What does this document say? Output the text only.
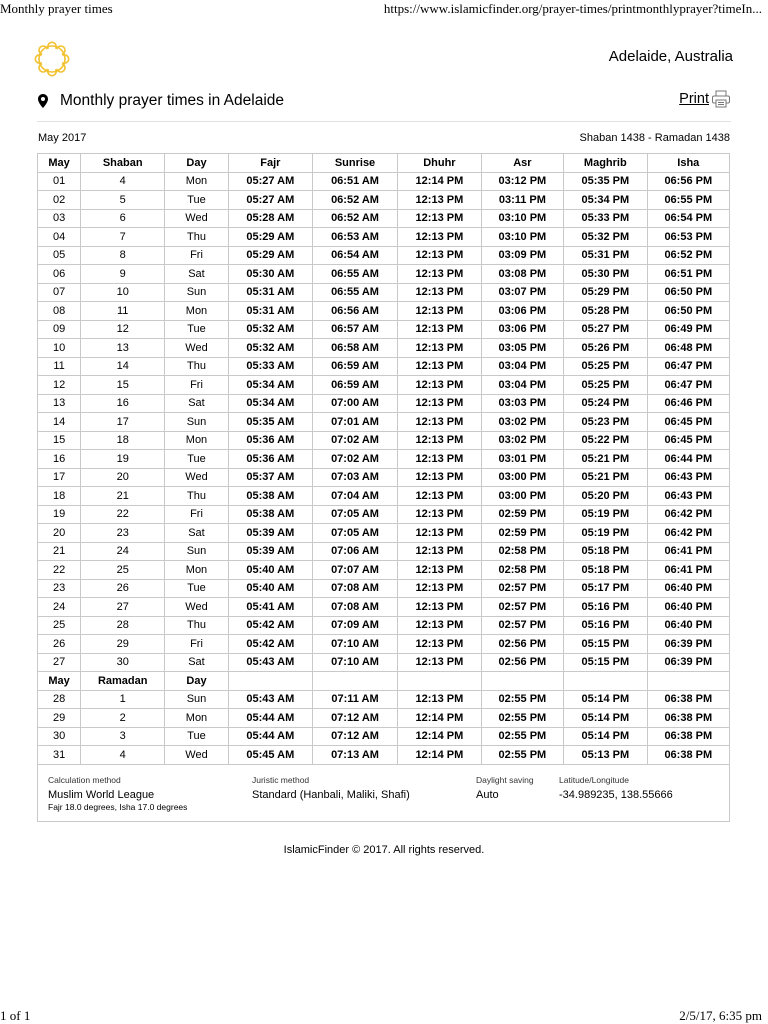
Monthly prayer times	https://www.islamicfinder.org/prayer-times/printmonthlyprayer?timeIn...
Adelaide, Australia
Monthly prayer times in Adelaide	Print
May 2017	Shaban 1438 - Ramadan 1438
May	Shaban	Day	Fajr	Sunrise	Dhuhr	Asr	Maghrib	Isha
01	4	Mon	05:27 AM	06:51 AM	12:14 PM	03:12 PM	05:35 PM	06:56 PM
02	5	Tue	05:27 AM	06:52 AM	12:13 PM	03:11 PM	05:34 PM	06:55 PM
03	6	Wed	05:28 AM	06:52 AM	12:13 PM	03:10 PM	05:33 PM	06:54 PM
04	7	Thu	05:29 AM	06:53 AM	12:13 PM	03:10 PM	05:32 PM	06:53 PM
05	8	Fri	05:29 AM	06:54 AM	12:13 PM	03:09 PM	05:31 PM	06:52 PM
06	9	Sat	05:30 AM	06:55 AM	12:13 PM	03:08 PM	05:30 PM	06:51 PM
07	10	Sun	05:31 AM	06:55 AM	12:13 PM	03:07 PM	05:29 PM	06:50 PM
08	11	Mon	05:31 AM	06:56 AM	12:13 PM	03:06 PM	05:28 PM	06:50 PM
09	12	Tue	05:32 AM	06:57 AM	12:13 PM	03:06 PM	05:27 PM	06:49 PM
10	13	Wed	05:32 AM	06:58 AM	12:13 PM	03:05 PM	05:26 PM	06:48 PM
11	14	Thu	05:33 AM	06:59 AM	12:13 PM	03:04 PM	05:25 PM	06:47 PM
12	15	Fri	05:34 AM	06:59 AM	12:13 PM	03:04 PM	05:25 PM	06:47 PM
13	16	Sat	05:34 AM	07:00 AM	12:13 PM	03:03 PM	05:24 PM	06:46 PM
14	17	Sun	05:35 AM	07:01 AM	12:13 PM	03:02 PM	05:23 PM	06:45 PM
15	18	Mon	05:36 AM	07:02 AM	12:13 PM	03:02 PM	05:22 PM	06:45 PM
16	19	Tue	05:36 AM	07:02 AM	12:13 PM	03:01 PM	05:21 PM	06:44 PM
17	20	Wed	05:37 AM	07:03 AM	12:13 PM	03:00 PM	05:21 PM	06:43 PM
18	21	Thu	05:38 AM	07:04 AM	12:13 PM	03:00 PM	05:20 PM	06:43 PM
19	22	Fri	05:38 AM	07:05 AM	12:13 PM	02:59 PM	05:19 PM	06:42 PM
20	23	Sat	05:39 AM	07:05 AM	12:13 PM	02:59 PM	05:19 PM	06:42 PM
21	24	Sun	05:39 AM	07:06 AM	12:13 PM	02:58 PM	05:18 PM	06:41 PM
22	25	Mon	05:40 AM	07:07 AM	12:13 PM	02:58 PM	05:18 PM	06:41 PM
23	26	Tue	05:40 AM	07:08 AM	12:13 PM	02:57 PM	05:17 PM	06:40 PM
24	27	Wed	05:41 AM	07:08 AM	12:13 PM	02:57 PM	05:16 PM	06:40 PM
25	28	Thu	05:42 AM	07:09 AM	12:13 PM	02:57 PM	05:16 PM	06:40 PM
26	29	Fri	05:42 AM	07:10 AM	12:13 PM	02:56 PM	05:15 PM	06:39 PM
27	30	Sat	05:43 AM	07:10 AM	12:13 PM	02:56 PM	05:15 PM	06:39 PM
May	Ramadan	Day						
28	1	Sun	05:43 AM	07:11 AM	12:13 PM	02:55 PM	05:14 PM	06:38 PM
29	2	Mon	05:44 AM	07:12 AM	12:14 PM	02:55 PM	05:14 PM	06:38 PM
30	3	Tue	05:44 AM	07:12 AM	12:14 PM	02:55 PM	05:14 PM	06:38 PM
31	4	Wed	05:45 AM	07:13 AM	12:14 PM	02:55 PM	05:13 PM	06:38 PM
Calculation method
Muslim World League
Juristic method
Standard (Hanbali, Maliki, Shafi)
Daylight saving
Auto
Latitude/Longitude
-34.989235, 138.55666
Fajr 18.0 degrees, Isha 17.0 degrees
IslamicFinder © 2017. All rights reserved.
1 of 1	2/5/17, 6:35 pm
